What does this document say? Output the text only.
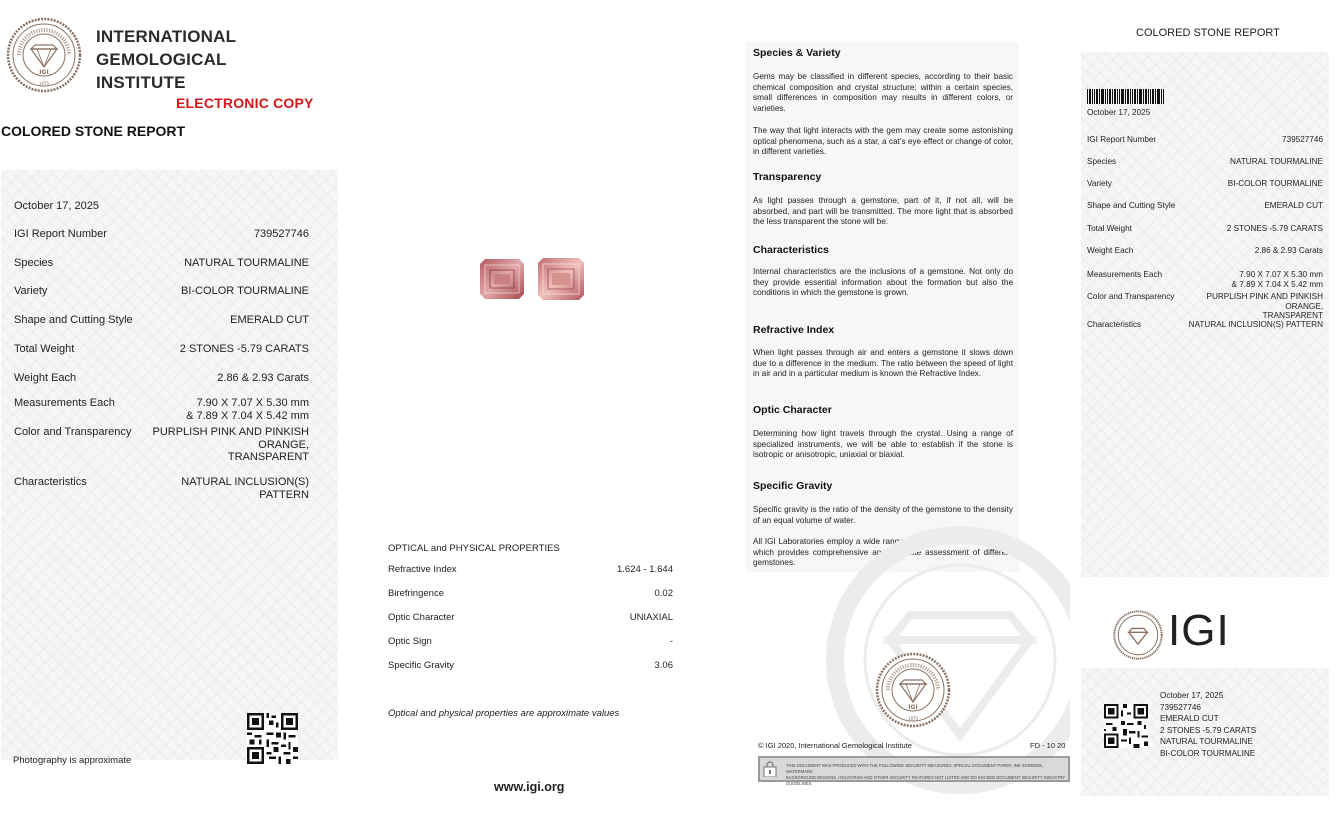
IGI
1975
INTERNATIONAL
GEMOLOGICAL
INSTITUTE
ELECTRONIC COPY
COLORED STONE REPORT
October 17, 2025
IGI Report Number	739527746
Species	NATURAL TOURMALINE
Variety	BI-COLOR TOURMALINE
Shape and Cutting Style	EMERALD CUT
Total Weight	2 STONES -5.79 CARATS
Weight Each	2.86 & 2.93 Carats
Measurements Each	7.90 X 7.07 X 5.30 mm
& 7.89 X 7.04 X 5.42 mm
Color and Transparency PURPLISH PINK AND PINKISH
ORANGE,
TRANSPARENT
Characteristics	NATURAL INCLUSION(S)
PATTERN
Photography is approximate
OPTICAL and PHYSICAL PROPERTIES
Refractive Index	1.624 - 1.644
Birefringence	0.02
Optic Character	UNIAXIAL
Optic Sign	-
Specific Gravity	3.06
Optical and physical properties are approximate values
www.igi.org
Species & Variety
Gems may be classified in different species, according to their basic chemical composition and crystal structure; within a certain species, small differences in composition may results in different colors, or varieties.
The way that light interacts with the gem may create some astonishing optical phenomena, such as a star, a cat’s eye effect or change of color, in different varieties.
Transparency
As light passes through a gemstone, part of it, if not all, will be absorbed, and part will be transmitted. The more light that is absorbed the less transparent the stone will be.
Characteristics
Internal characteristics are the inclusions of a gemstone. Not only do they provide essential information about the formation but also the conditions in which the gemstone is grown.
Refractive Index
When light passes through air and enters a gemstone it slows down due to a difference in the medium. The ratio between the speed of light in air and in a particular medium is known the Refractive Index.
Optic Character
Determining how light travels through the crystal. Using a range of specialized instruments, we will be able to establish if the stone is isotropic or anisotropic, uniaxial or biaxial.
Specific Gravity
Specific gravity is the ratio of the density of the gemstone to the density of an equal volume of water.
All IGI Laboratories employ a wide range of state-of-the-art equipment, which provides comprehensive and accurate assessment of different gemstones.
IGI
1975
© IGI 2020, International Gemological Institute	FD - 10 20
THIS DOCUMENT WAS PRODUCED WITH THE FOLLOWING SECURITY MEASURES: SPECIAL DOCUMENT PAPER, INK SCREENS, WATERMARK
BACKGROUND DESIGNS, HOLOGRAM AND OTHER SECURITY FEATURES NOT LISTED AND DO EXCEED DOCUMENT SECURITY INDUSTRY GUIDELINES.
COLORED STONE REPORT
October 17, 2025
IGI Report Number	739527746
Species	NATURAL TOURMALINE
Variety	BI-COLOR TOURMALINE
Shape and Cutting Style	EMERALD CUT
Total Weight	2 STONES -5.79 CARATS
Weight Each	2.86 & 2.93 Carats
Measurements Each	7.90 X 7.07 X 5.30 mm
& 7.89 X 7.04 X 5.42 mm
Color and Transparency	PURPLISH PINK AND PINKISH
ORANGE,
TRANSPARENT
Characteristics	NATURAL INCLUSION(S) PATTERN
IGI
October 17, 2025
739527746
EMERALD CUT
2 STONES -5.79 CARATS
NATURAL TOURMALINE
BI-COLOR TOURMALINE
